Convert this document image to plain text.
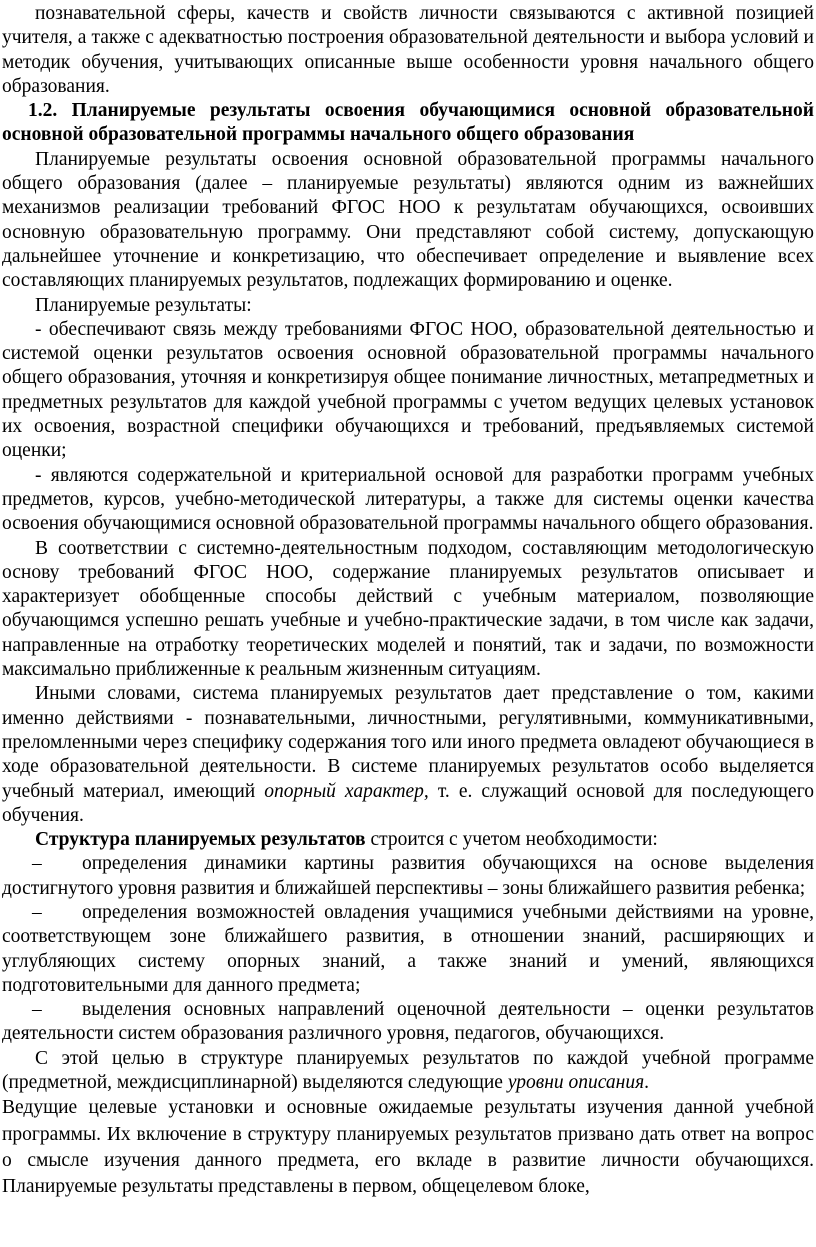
познавательной сферы, качеств и свойств личности связываются с активной позицией учителя, а также с адекватностью построения образовательной деятельности и выбора условий и методик обучения, учитывающих описанные выше особенности уровня начального общего образования.

1.2. Планируемые результаты освоения обучающимися основной образовательной основной образовательной программы начального общего образования

Планируемые результаты освоения основной образовательной программы начального общего образования (далее – планируемые результаты) являются одним из важнейших механизмов реализации требований ФГОС НОО к результатам обучающихся, освоивших основную образовательную программу. Они представляют собой систему, допускающую дальнейшее уточнение и конкретизацию, что обеспечивает определение и выявление всех составляющих планируемых результатов, подлежащих формированию и оценке.

Планируемые результаты:

- обеспечивают связь между требованиями ФГОС НОО, образовательной деятельностью и системой оценки результатов освоения основной образовательной программы начального общего образования, уточняя и конкретизируя общее понимание личностных, метапредметных и предметных результатов для каждой учебной программы с учетом ведущих целевых установок их освоения, возрастной специфики обучающихся и требований, предъявляемых системой оценки;

- являются содержательной и критериальной основой для разработки программ учебных предметов, курсов, учебно-методической литературы, а также для системы оценки качества освоения обучающимися основной образовательной программы начального общего образования.

В соответствии с системно-деятельностным подходом, составляющим методологическую основу требований ФГОС НОО, содержание планируемых результатов описывает и характеризует обобщенные способы действий с учебным материалом, позволяющие обучающимся успешно решать учебные и учебно-практические задачи, в том числе как задачи, направленные на отработку теоретических моделей и понятий, так и задачи, по возможности максимально приближенные к реальным жизненным ситуациям.

Иными словами, система планируемых результатов дает представление о том, какими именно действиями - познавательными, личностными, регулятивными, коммуникативными, преломленными через специфику содержания того или иного предмета овладеют обучающиеся в ходе образовательной деятельности. В системе планируемых результатов особо выделяется учебный материал, имеющий опорный характер, т. е. служащий основой для последующего обучения.

Структура планируемых результатов строится с учетом необходимости:

– определения динамики картины развития обучающихся на основе выделения достигнутого уровня развития и ближайшей перспективы – зоны ближайшего развития ребенка;

– определения возможностей овладения учащимися учебными действиями на уровне, соответствующем зоне ближайшего развития, в отношении знаний, расширяющих и углубляющих систему опорных знаний, а также знаний и умений, являющихся подготовительными для данного предмета;

– выделения основных направлений оценочной деятельности – оценки результатов деятельности систем образования различного уровня, педагогов, обучающихся.

С этой целью в структуре планируемых результатов по каждой учебной программе (предметной, междисциплинарной) выделяются следующие уровни описания.

Ведущие целевые установки и основные ожидаемые результаты изучения данной учебной программы. Их включение в структуру планируемых результатов призвано дать ответ на вопрос о смысле изучения данного предмета, его вкладе в развитие личности обучающихся. Планируемые результаты представлены в первом, общецелевом блоке,
